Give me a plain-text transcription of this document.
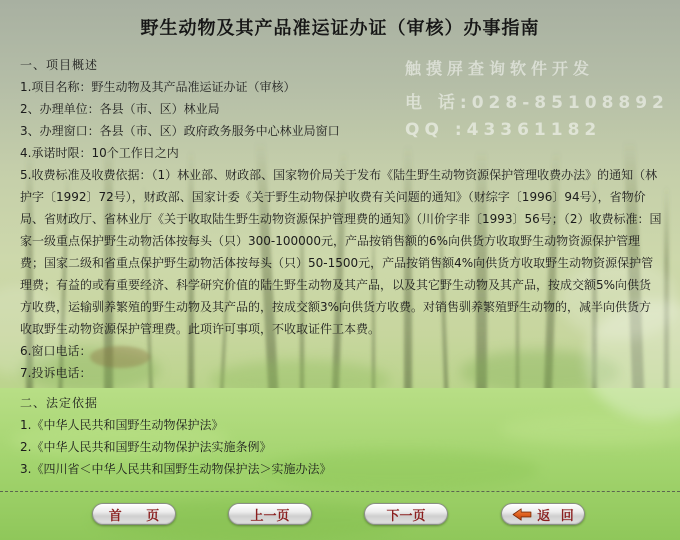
触摸屏查询软件开发
电 话:028-85108892
QQ :43361182
野生动物及其产品准运证办证（审核）办事指南
一、项目概述
1.项目名称：野生动物及其产品准运证办证（审核）
2、办理单位：各县（市、区）林业局
3、办理窗口：各县（市、区）政府政务服务中心林业局窗口
4.承诺时限：10个工作日之内
5.收费标准及收费依据：（1）林业部、财政部、国家物价局关于发布《陆生野生动物资源保护管理收费办法》的通知（林护字〔1992〕72号），财政部、国家计委《关于野生动物保护收费有关问题的通知》（财综字〔1996〕94号），省物价局、省财政厅、省林业厅《关于收取陆生野生动物资源保护管理费的通知》（川价字非〔1993〕56号；（2）收费标准：国家一级重点保护野生动物活体按每头（只）300-100000元，产品按销售额的6%向供货方收取野生动物资源保护管理费；国家二级和省重点保护野生动物活体按每头（只）50-1500元，产品按销售额4%向供货方收取野生动物资源保护管理费；有益的或有重要经济、科学研究价值的陆生野生动物及其产品，以及其它野生动物及其产品，按成交额5%向供货方收费，运输驯养繁殖的野生动物及其产品的，按成交额3%向供货方收费。对销售驯养繁殖野生动物的，减半向供货方收取野生动物资源保护管理费。此项许可事项，不收取证件工本费。
6.窗口电话：
7.投诉电话：
二、法定依据
1.《中华人民共和国野生动物保护法》
2.《中华人民共和国野生动物保护法实施条例》
3.《四川省＜中华人民共和国野生动物保护法＞实施办法》
首 页	上一页	下一页	返 回
